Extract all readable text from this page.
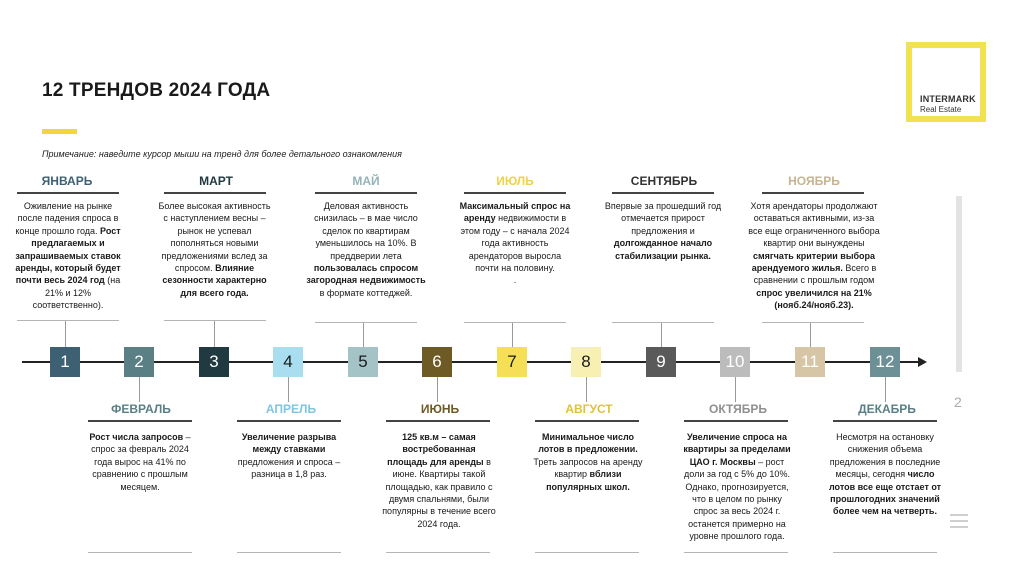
12 ТРЕНДОВ 2024 ГОДА
Примечание: наведите курсор мыши на тренд для более детального ознакомления
INTERMARK
Real Estate
2
1	2	3	4	5	6	7	8	9	10	11	12
ЯНВАРЬ
Оживление на рынке после падения спроса в конце прошло года. Рост предлагаемых и запрашиваемых ставок аренды, который будет почти весь 2024 год (на 21% и 12% соответственно).
МАРТ
Более высокая активность с наступлением весны – рынок не успевал пополняться новыми предложениями вслед за спросом. Влияние сезонности характерно для всего года.
МАЙ
Деловая активность снизилась – в мае число сделок по квартирам уменьшилось на 10%. В преддверии лета пользовалась спросом загородная недвижимость в формате коттеджей.
ИЮЛЬ
Максимальный спрос на аренду недвижимости в этом году – с начала 2024 года активность арендаторов выросла почти на половину.
.
СЕНТЯБРЬ
Впервые за прошедший год отмечается прирост предложения и долгожданное начало стабилизации рынка.
НОЯБРЬ
Хотя арендаторы продолжают оставаться активными, из-за все еще ограниченного выбора квартир они вынуждены смягчать критерии выбора арендуемого жилья. Всего в сравнении с прошлым годом спрос увеличился на 21% (нояб.24/нояб.23).
ФЕВРАЛЬ
Рост числа запросов – спрос за февраль 2024 года вырос на 41% по сравнению с прошлым месяцем.
АПРЕЛЬ
Увеличение разрыва между ставками предложения и спроса – разница в 1,8 раз.
ИЮНЬ
125 кв.м – самая востребованная площадь для аренды в июне. Квартиры такой площадью, как правило с двумя спальнями, были популярны в течение всего 2024 года.
АВГУСТ
Минимальное число лотов в предложении. Треть запросов на аренду квартир вблизи популярных школ.
ОКТЯБРЬ
Увеличение спроса на квартиры за пределами ЦАО г. Москвы – рост доли за год с 5% до 10%. Однако, прогнозируется, что в целом по рынку спрос за весь 2024 г. останется примерно на уровне прошлого года.
ДЕКАБРЬ
Несмотря на остановку снижения объема предложения в последние месяцы, сегодня число лотов все еще отстает от прошлогодних значений более чем на четверть.
